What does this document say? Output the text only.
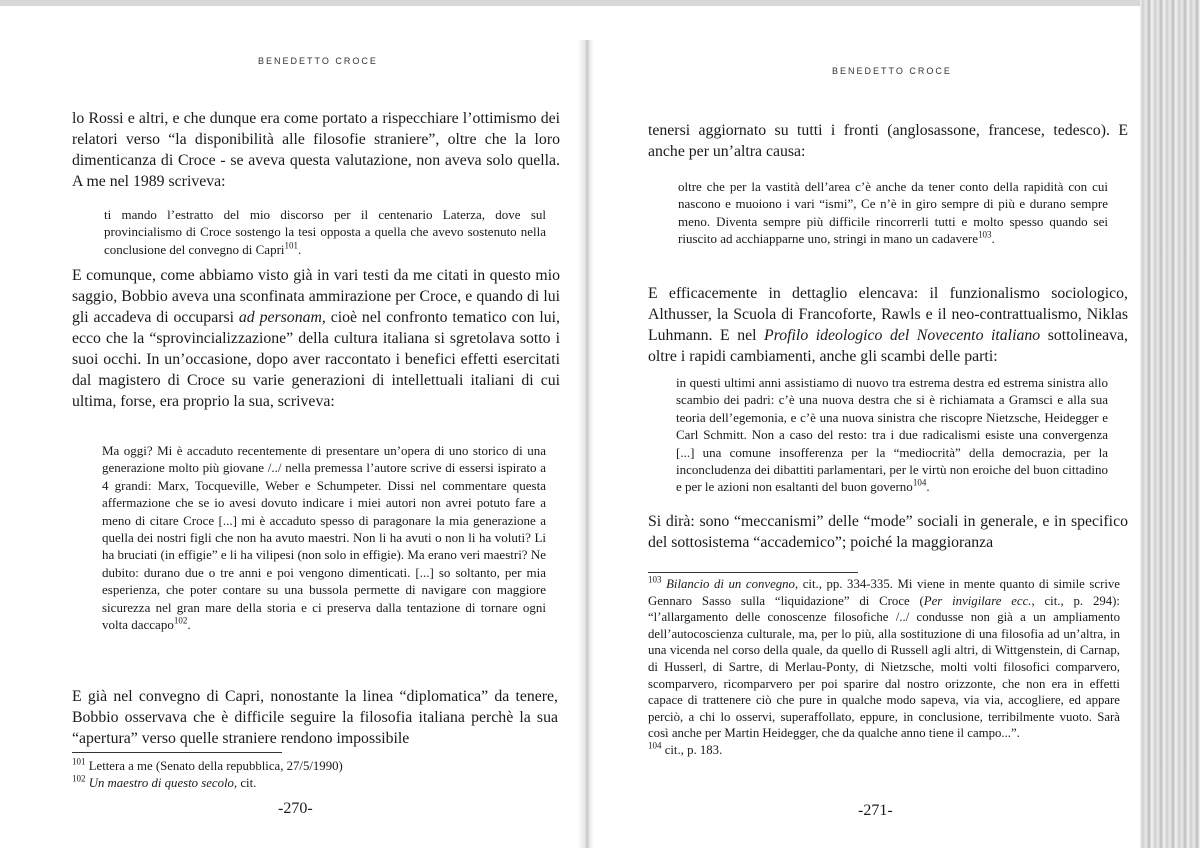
BENEDETTO CROCE

lo Rossi e altri, e che dunque era come portato a rispecchiare l’ottimismo dei relatori verso “la disponibilità alle filosofie straniere”, oltre che la loro dimenticanza di Croce - se aveva questa valutazione, non aveva solo quella. A me nel 1989 scriveva:

ti mando l’estratto del mio discorso per il centenario Laterza, dove sul provincialismo di Croce sostengo la tesi opposta a quella che avevo sostenuto nella conclusione del convegno di Capri$^{101}$.

E comunque, come abbiamo visto già in vari testi da me citati in questo mio saggio, Bobbio aveva una sconfinata ammirazione per Croce, e quando di lui gli accadeva di occuparsi ad personam, cioè nel confronto tematico con lui, ecco che la “sprovincializzazione” della cultura italiana si sgretolava sotto i suoi occhi. In un’occasione, dopo aver raccontato i benefici effetti esercitati dal magistero di Croce su varie generazioni di intellettuali italiani di cui ultima, forse, era proprio la sua, scriveva:

Ma oggi? Mi è accaduto recentemente di presentare un’opera di uno storico di una generazione molto più giovane /../ nella premessa l’autore scrive di essersi ispirato a 4 grandi: Marx, Tocqueville, Weber e Schumpeter. Dissi nel commentare questa affermazione che se io avesi dovuto indicare i miei autori non avrei potuto fare a meno di citare Croce [...] mi è accaduto spesso di paragonare la mia generazione a quella dei nostri figli che non ha avuto maestri. Non li ha avuti o non li ha voluti? Li ha bruciati (in effigie” e li ha vilipesi (non solo in effigie). Ma erano veri maestri? Ne dubito: durano due o tre anni e poi vengono dimenticati. [...] so soltanto, per mia esperienza, che poter contare su una bussola permette di navigare con maggiore sicurezza nel gran mare della storia e ci preserva dalla tentazione di tornare ogni volta daccapo$^{102}$.

E già nel convegno di Capri, nonostante la linea “diplomatica” da tenere, Bobbio osservava che è difficile seguire la filosofia italiana perchè la sua “apertura” verso quelle straniere rendono impossibile

$^{101}$ Lettera a me (Senato della repubblica, 27/5/1990)

$^{102}$ Un maestro di questo secolo, cit.

-270-
BENEDETTO CROCE

tenersi aggiornato su tutti i fronti (anglosassone, francese, tedesco). E anche per un’altra causa:

oltre che per la vastità dell’area c’è anche da tener conto della rapidità con cui nascono e muoiono i vari “ismi”, Ce n’è in giro sempre di più e durano sempre meno. Diventa sempre più difficile rincorrerli tutti e molto spesso quando sei riuscito ad acchiapparne uno, stringi in mano un cadavere$^{103}$.

E efficacemente in dettaglio elencava: il funzionalismo sociologico, Althusser, la Scuola di Francoforte, Rawls e il neo-contrattualismo, Niklas Luhmann. E nel Profilo ideologico del Novecento italiano sottolineava, oltre i rapidi cambiamenti, anche gli scambi delle parti:

in questi ultimi anni assistiamo di nuovo tra estrema destra ed estrema sinistra allo scambio dei padri: c’è una nuova destra che si è richiamata a Gramsci e alla sua teoria dell’egemonia, e c’è una nuova sinistra che riscopre Nietzsche, Heidegger e Carl Schmitt. Non a caso del resto: tra i due radicalismi esiste una convergenza [...] una comune insofferenza per la “mediocrità” della democrazia, per la inconcludenza dei dibattiti parlamentari, per le virtù non eroiche del buon cittadino e per le azioni non esaltanti del buon governo$^{104}$.

Si dirà: sono “meccanismi” delle “mode” sociali in generale, e in specifico del sottosistema “accademico”; poiché la maggioranza

$^{103}$ Bilancio di un convegno, cit., pp. 334-335. Mi viene in mente quanto di simile scrive Gennaro Sasso sulla “liquidazione” di Croce (Per invigilare ecc., cit., p. 294): “l’allargamento delle conoscenze filosofiche /../ condusse non già a un ampliamento dell’autocoscienza culturale, ma, per lo più, alla sostituzione di una filosofia ad un’altra, in una vicenda nel corso della quale, da quello di Russell agli altri, di Wittgenstein, di Carnap, di Husserl, di Sartre, di Merlau-Ponty, di Nietzsche, molti volti filosofici comparvero, scomparvero, ricomparvero per poi sparire dal nostro orizzonte, che non era in effetti capace di trattenere ciò che pure in qualche modo sapeva, via via, accogliere, ed appare perciò, a chi lo osservi, superaffollato, eppure, in conclusione, terribilmente vuoto. Sarà così anche per Martin Heidegger, che da qualche anno tiene il campo...”.

$^{104}$ cit., p. 183.

-271-
